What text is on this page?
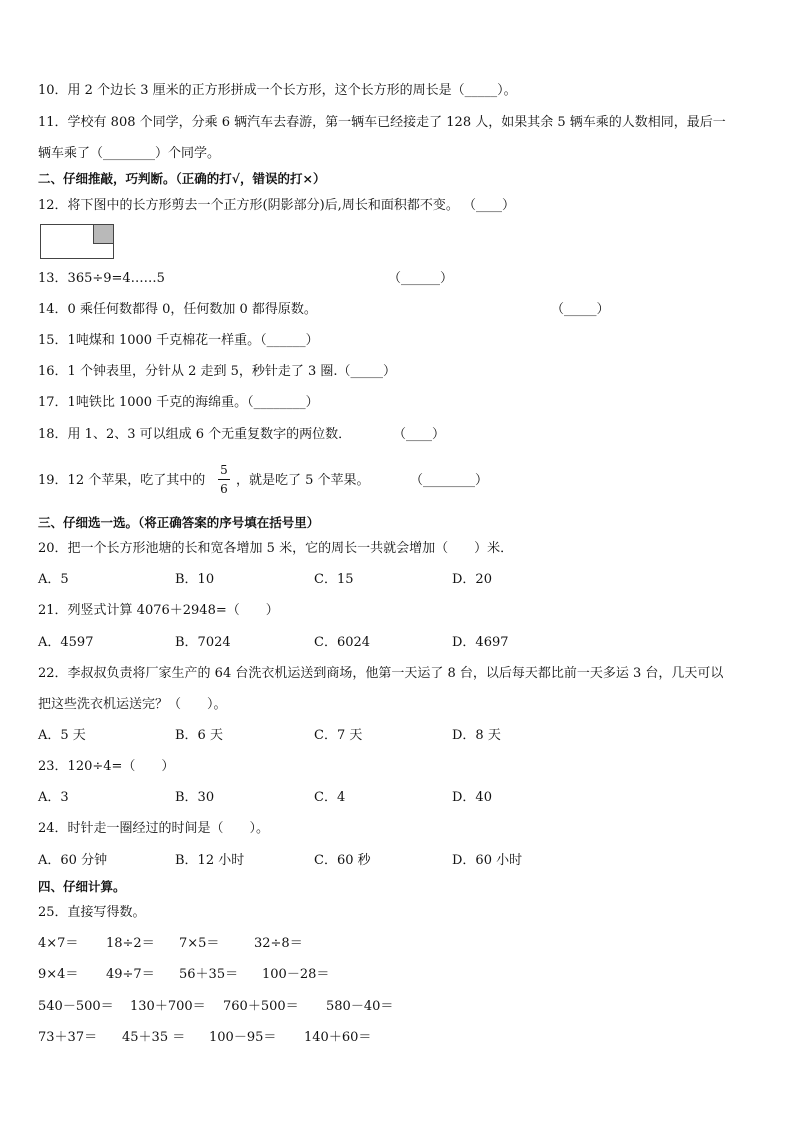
10．用 2 个边长 3 厘米的正方形拼成一个长方形，这个长方形的周长是（_____）。
11．学校有 808 个同学，分乘 6 辆汽车去春游，第一辆车已经接走了 128 人，如果其余 5 辆车乘的人数相同，最后一
辆车乘了（________）个同学。
二、仔细推敲，巧判断。（正确的打√，错误的打×）
12．将下图中的长方形剪去一个正方形(阴影部分)后,周长和面积都不变。 （____）
13．365÷9=4……5	（______）
14．0 乘任何数都得 0，任何数加 0 都得原数。	（_____）
15．1吨煤和 1000 千克棉花一样重。（______）
16．1 个钟表里，分针从 2 走到 5，秒针走了 3 圈.（_____）
17．1吨铁比 1000 千克的海绵重。（________）
18．用 1、2、3 可以组成 6 个无重复数字的两位数．	（____）
19．12 个苹果，吃了其中的
5
6
，就是吃了 5 个苹果。	（________）
三、仔细选一选。（将正确答案的序号填在括号里）
20．把一个长方形池塘的长和宽各增加 5 米，它的周长一共就会增加（　　）米．
A．5	B．10	C．15	D．20
21．列竖式计算 4076＋2948=（　　）
A．4597	B．7024	C．6024	D．4697
22．李叔叔负责将厂家生产的 64 台洗衣机运送到商场，他第一天运了 8 台，以后每天都比前一天多运 3 台，几天可以
把这些洗衣机运送完？（　　）。
A．5 天	B．6 天	C．7 天	D．8 天
23．120÷4=（　　）
A．3	B．30	C．4	D．40
24．时针走一圈经过的时间是（　　）。
A．60 分钟	B．12 小时	C．60 秒	D．60 小时
四、仔细计算。
25．直接写得数。
4×7＝ 18÷2＝ 7×5＝	32÷8＝
9×4＝ 49÷7＝ 56＋35＝ 100－28＝
540－500＝ 130＋700＝ 760＋500＝ 580－40＝
73＋37＝ 45＋35 ＝ 100－95＝ 140＋60＝
